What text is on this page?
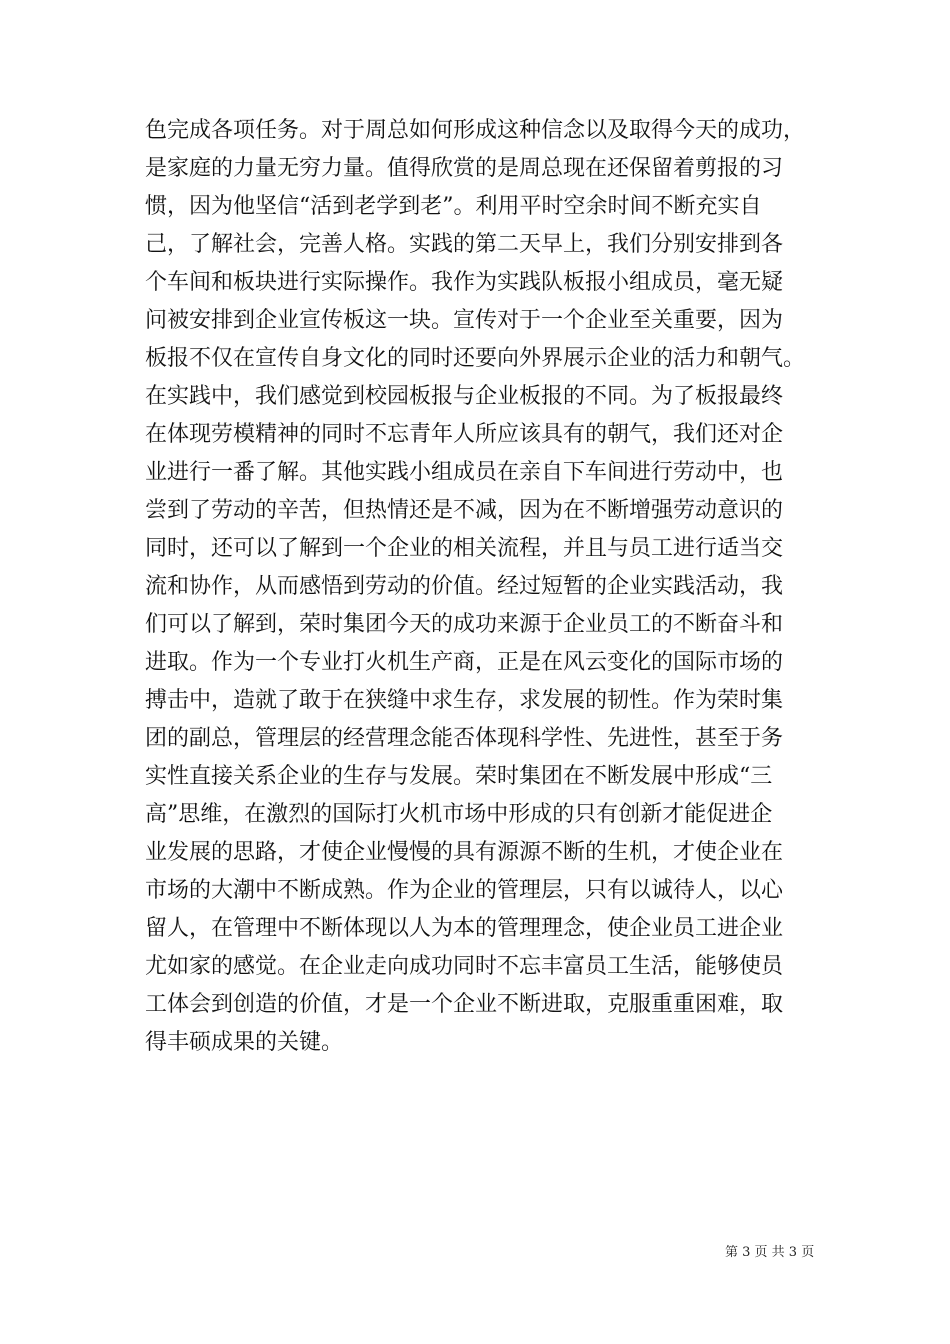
色完成各项任务。对于周总如何形成这种信念以及取得今天的成功，
是家庭的力量无穷力量。值得欣赏的是周总现在还保留着剪报的习
惯，因为他坚信“活到老学到老”。利用平时空余时间不断充实自
己，了解社会，完善人格。实践的第二天早上，我们分别安排到各
个车间和板块进行实际操作。我作为实践队板报小组成员，毫无疑
问被安排到企业宣传板这一块。宣传对于一个企业至关重要，因为
板报不仅在宣传自身文化的同时还要向外界展示企业的活力和朝气。
在实践中，我们感觉到校园板报与企业板报的不同。为了板报最终
在体现劳模精神的同时不忘青年人所应该具有的朝气，我们还对企
业进行一番了解。其他实践小组成员在亲自下车间进行劳动中，也
尝到了劳动的辛苦，但热情还是不减，因为在不断增强劳动意识的
同时，还可以了解到一个企业的相关流程，并且与员工进行适当交
流和协作，从而感悟到劳动的价值。经过短暂的企业实践活动，我
们可以了解到，荣时集团今天的成功来源于企业员工的不断奋斗和
进取。作为一个专业打火机生产商，正是在风云变化的国际市场的
搏击中，造就了敢于在狭缝中求生存，求发展的韧性。作为荣时集
团的副总，管理层的经营理念能否体现科学性、先进性，甚至于务
实性直接关系企业的生存与发展。荣时集团在不断发展中形成“三
高”思维，在激烈的国际打火机市场中形成的只有创新才能促进企
业发展的思路，才使企业慢慢的具有源源不断的生机，才使企业在
市场的大潮中不断成熟。作为企业的管理层，只有以诚待人，以心
留人，在管理中不断体现以人为本的管理理念，使企业员工进企业
尤如家的感觉。在企业走向成功同时不忘丰富员工生活，能够使员
工体会到创造的价值，才是一个企业不断进取，克服重重困难，取
得丰硕成果的关键。
第 3 页 共 3 页
